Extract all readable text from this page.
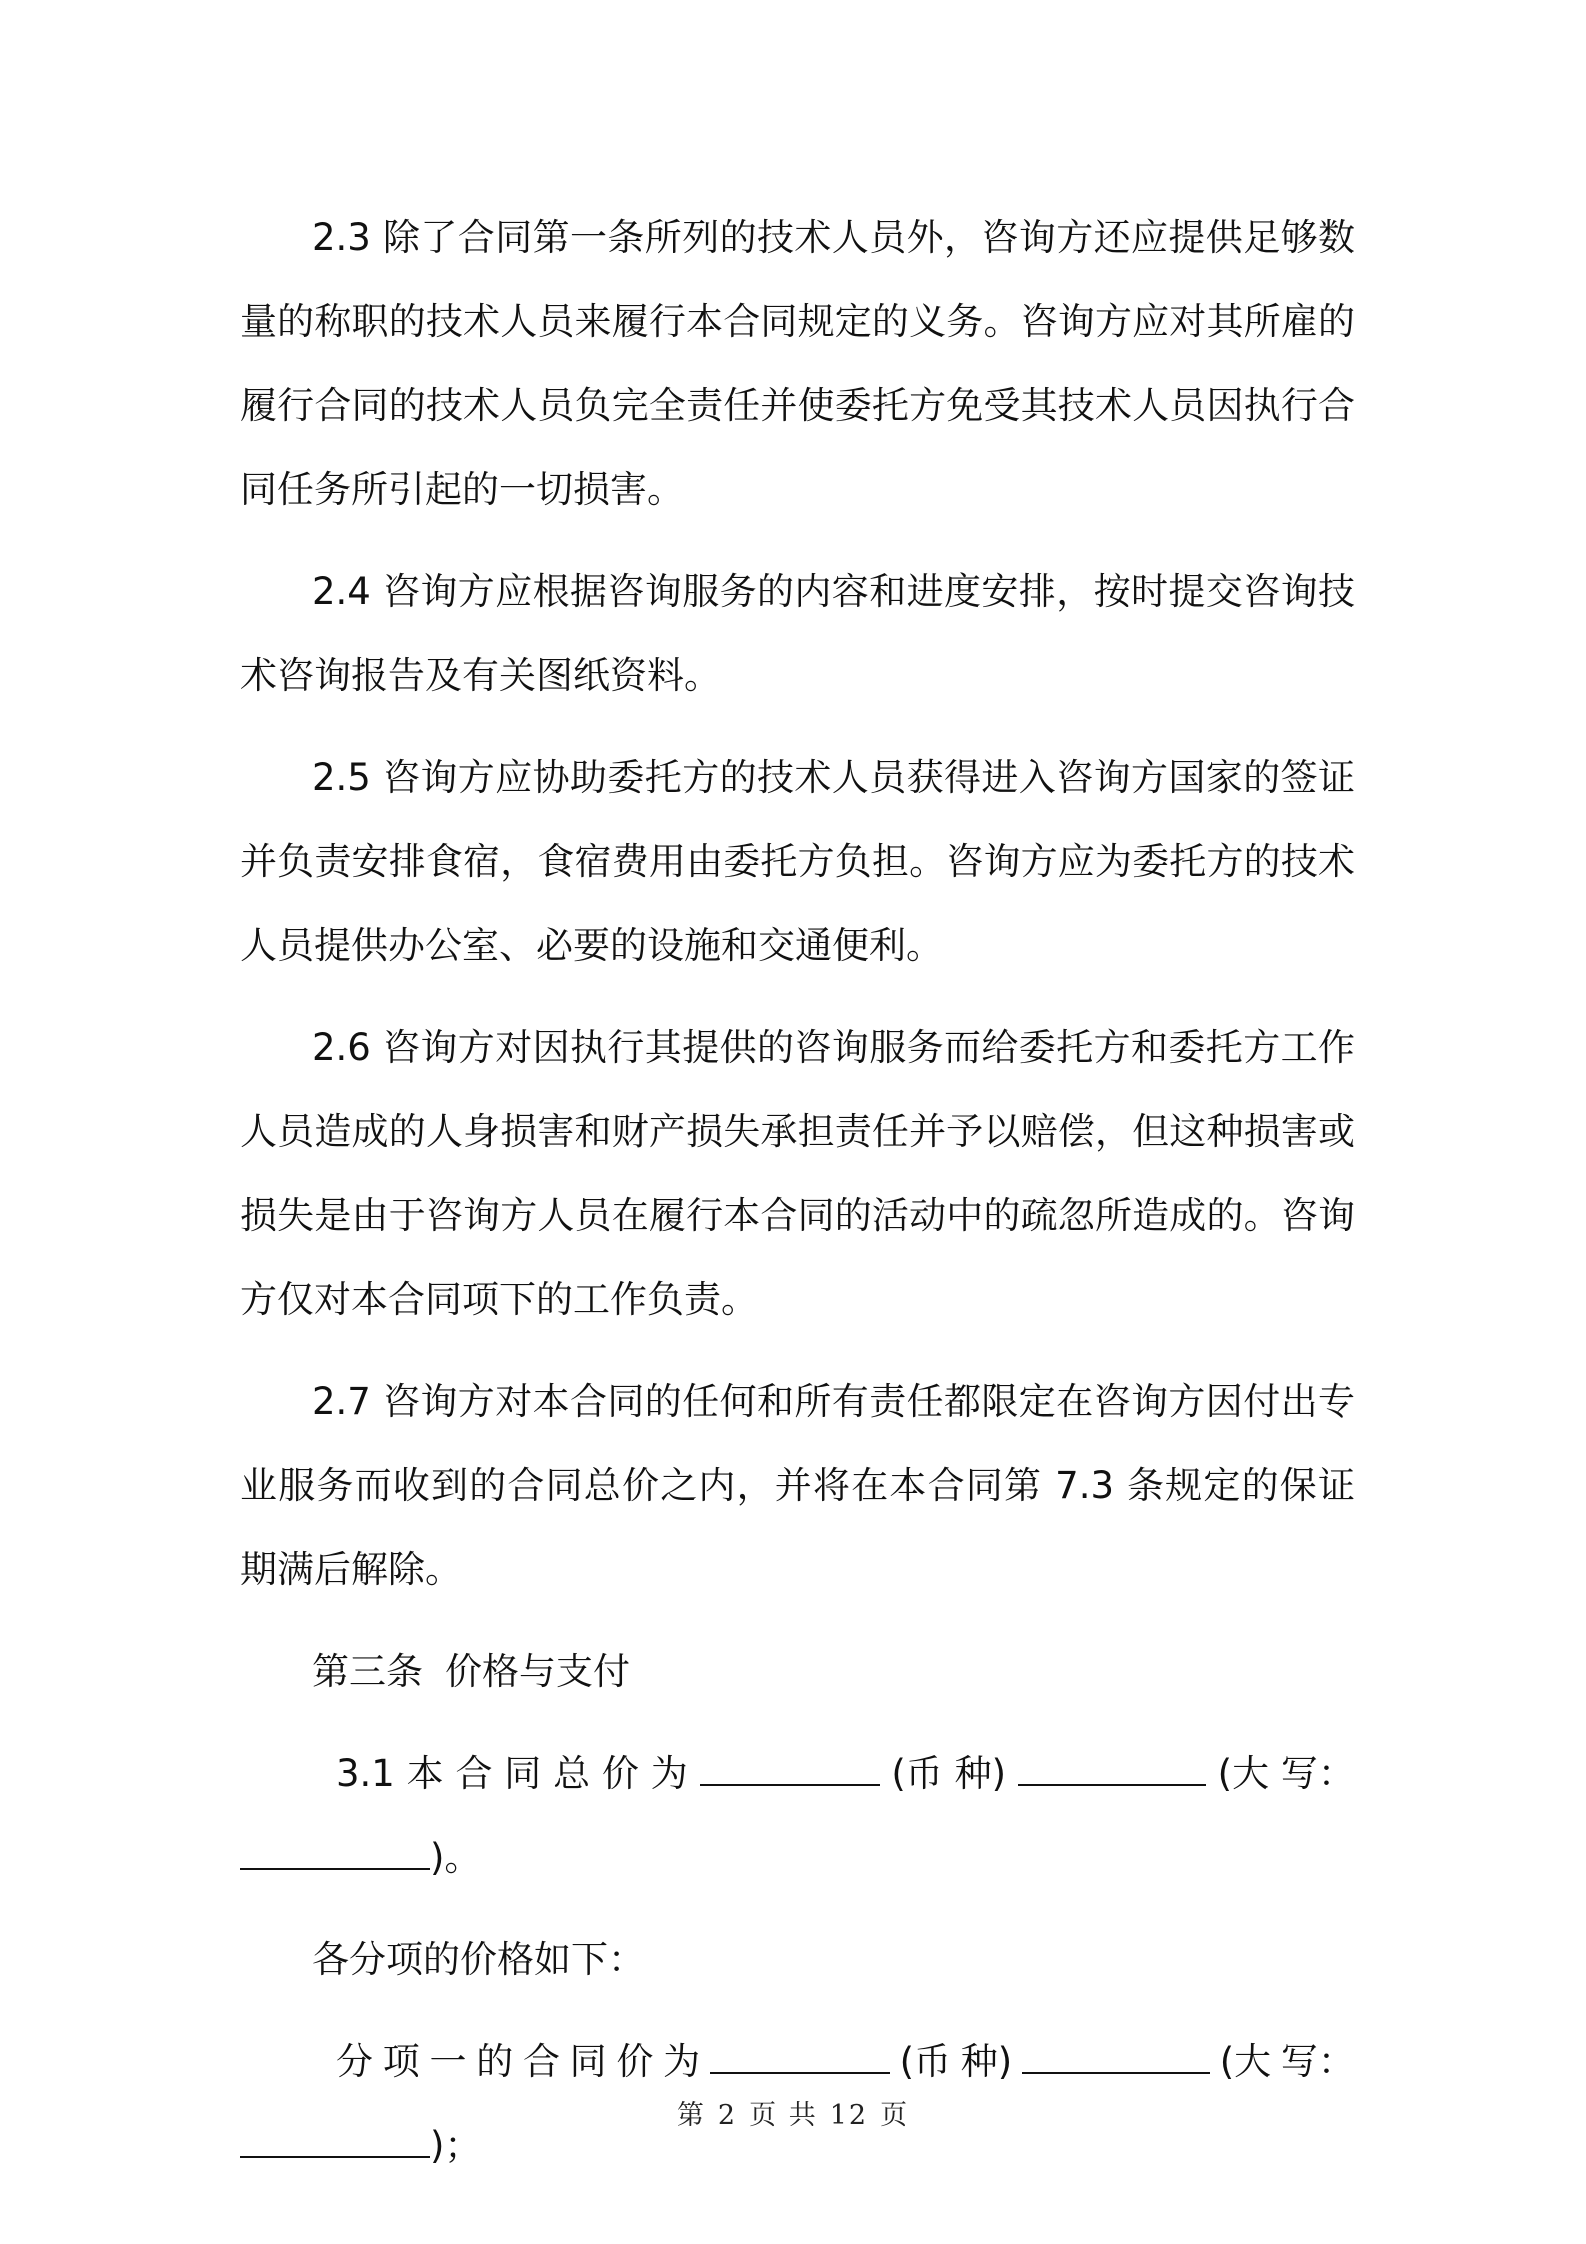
2.3 除了合同第一条所列的技术人员外，咨询方还应提供足够数量的称职的技术人员来履行本合同规定的义务。咨询方应对其所雇的履行合同的技术人员负完全责任并使委托方免受其技术人员因执行合同任务所引起的一切损害。

2.4 咨询方应根据咨询服务的内容和进度安排，按时提交咨询技术咨询报告及有关图纸资料。

2.5 咨询方应协助委托方的技术人员获得进入咨询方国家的签证并负责安排食宿，食宿费用由委托方负担。咨询方应为委托方的技术人员提供办公室、必要的设施和交通便利。

2.6 咨询方对因执行其提供的咨询服务而给委托方和委托方工作人员造成的人身损害和财产损失承担责任并予以赔偿，但这种损害或损失是由于咨询方人员在履行本合同的活动中的疏忽所造成的。咨询方仅对本合同项下的工作负责。

2.7 咨询方对本合同的任何和所有责任都限定在咨询方因付出专业服务而收到的合同总价之内，并将在本合同第 7.3 条规定的保证期满后解除。

第三条 价格与支付
3.1 本 合 同 总 价 为	(币 种)	(大 写：
)。
各分项的价格如下：
分 项 一 的 合 同 价 为	(币 种)	(大 写：
)；
第 2 页 共 12 页
